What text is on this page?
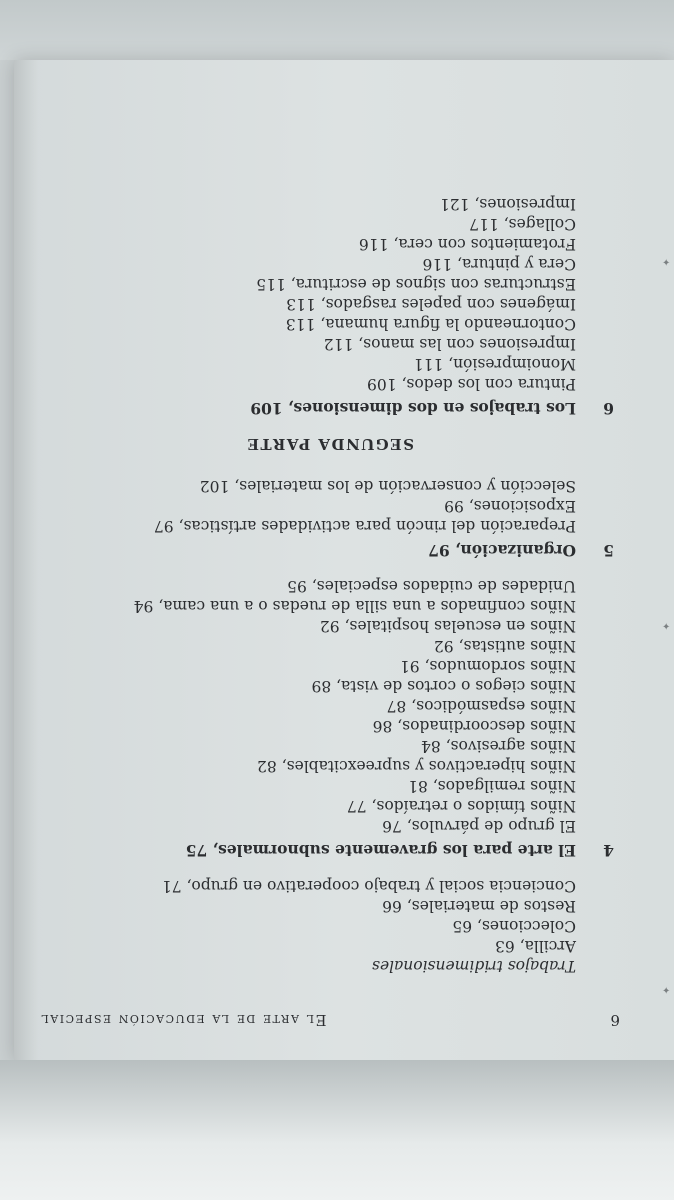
✦
✦
✦
6
El arte de la educación especial
Trabajos tridimensionales
Arcilla, 63
Colecciones, 65
Restos de materiales, 66
Conciencia social y trabajo cooperativo en grupo, 71
4
El arte para los gravemente subnormales, 75
El grupo de párvulos, 76
Niños tímidos o retraídos, 77
Niños remilgados, 81
Niños hiperactivos y supreexcitables, 82
Niños agresivos, 84
Niños descoordinados, 86
Niños espasmódicos, 87
Niños ciegos o cortos de vista, 89
Niños sordomudos, 91
Niños autistas, 92
Niños en escuelas hospitales, 92
Niños confinados a una silla de ruedas o a una cama, 94
Unidades de cuidados especiales, 95
5
Organización, 97
Preparación del rincón para actividades artísticas, 97
Exposiciones, 99
Selección y conservación de los materiales, 102
SEGUNDA PARTE
6
Los trabajos en dos dimensiones, 109
Pintura con los dedos, 109
Monoimpresión, 111
Impresiones con las manos, 112
Contorneando la figura humana, 113
Imágenes con papeles rasgados, 113
Estructuras con signos de escritura, 115
Cera y pintura, 116
Frotamientos con cera, 116
Collages, 117
Impresiones, 121
